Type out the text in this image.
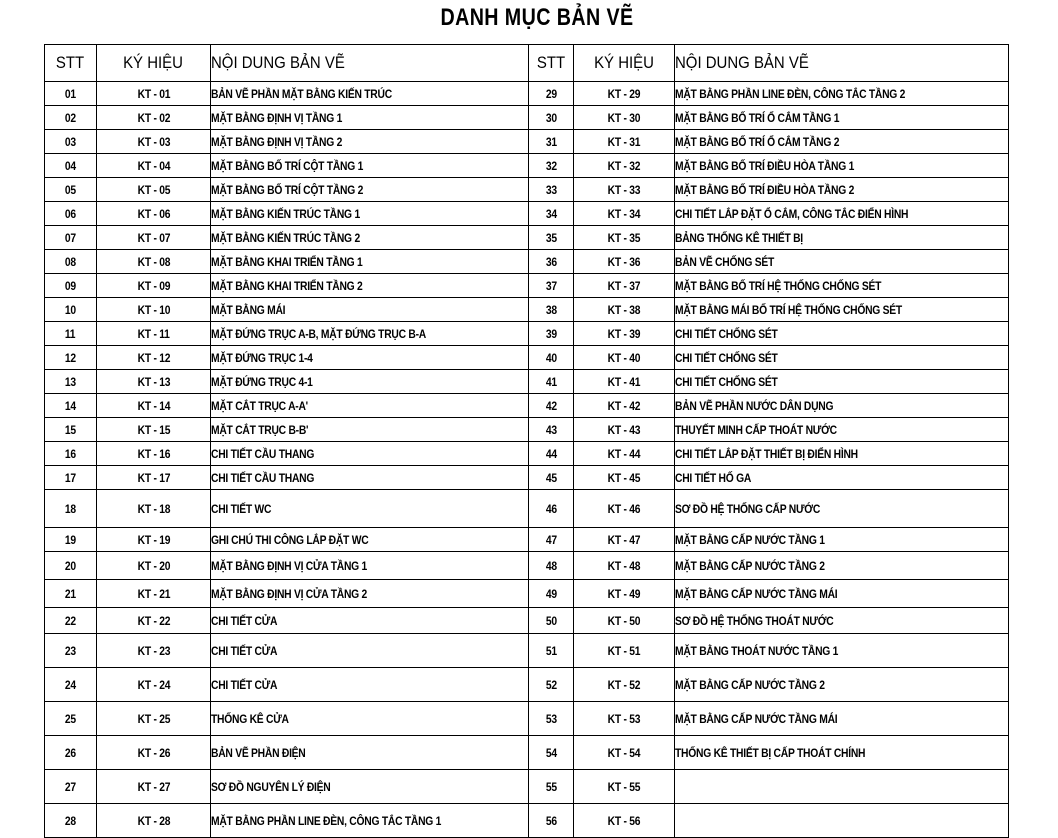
DANH MỤC BẢN VẼ
STT	KÝ HIỆU	NỘI DUNG BẢN VẼ	STT	KÝ HIỆU	NỘI DUNG BẢN VẼ
01	KT - 01	BẢN VẼ PHẦN MẶT BẰNG KIẾN TRÚC	29	KT - 29	MẶT BẰNG PHẦN LINE ĐÈN, CÔNG TẮC TẦNG 2
02	KT - 02	MẶT BẰNG ĐỊNH VỊ TẦNG 1	30	KT - 30	MẶT BẰNG BỐ TRÍ Ổ CẮM TẦNG 1
03	KT - 03	MẶT BẰNG ĐỊNH VỊ TẦNG 2	31	KT - 31	MẶT BẰNG BỐ TRÍ Ổ CẮM TẦNG 2
04	KT - 04	MẶT BẰNG BỐ TRÍ CỘT TẦNG 1	32	KT - 32	MẶT BẰNG BỐ TRÍ ĐIỀU HÒA TẦNG 1
05	KT - 05	MẶT BẰNG BỐ TRÍ CỘT TẦNG 2	33	KT - 33	MẶT BẰNG BỐ TRÍ ĐIỀU HÒA TẦNG 2
06	KT - 06	MẶT BẰNG KIẾN TRÚC TẦNG 1	34	KT - 34	CHI TIẾT LẮP ĐẶT Ổ CẮM, CÔNG TẮC ĐIỂN HÌNH
07	KT - 07	MẶT BẰNG KIẾN TRÚC TẦNG 2	35	KT - 35	BẢNG THỐNG KÊ THIẾT BỊ
08	KT - 08	MẶT BẰNG KHAI TRIỂN TẦNG 1	36	KT - 36	BẢN VẼ CHỐNG SÉT
09	KT - 09	MẶT BẰNG KHAI TRIỂN TẦNG 2	37	KT - 37	MẶT BẰNG BỐ TRÍ HỆ THỐNG CHỐNG SÉT
10	KT - 10	MẶT BẰNG MÁI	38	KT - 38	MẶT BẰNG MÁI BỐ TRÍ HỆ THỐNG CHỐNG SÉT
11	KT - 11	MẶT ĐỨNG TRỤC A-B, MẶT ĐỨNG TRỤC B-A	39	KT - 39	CHI TIẾT CHỐNG SÉT
12	KT - 12	MẶT ĐỨNG TRỤC 1-4	40	KT - 40	CHI TIẾT CHỐNG SÉT
13	KT - 13	MẶT ĐỨNG TRỤC 4-1	41	KT - 41	CHI TIẾT CHỐNG SÉT
14	KT - 14	MẶT CẮT TRỤC A-A'	42	KT - 42	BẢN VẼ PHẦN NƯỚC DÂN DỤNG
15	KT - 15	MẶT CẮT TRỤC B-B'	43	KT - 43	THUYẾT MINH CẤP THOÁT NƯỚC
16	KT - 16	CHI TIẾT CẦU THANG	44	KT - 44	CHI TIẾT LẮP ĐẶT THIẾT BỊ ĐIỂN HÌNH
17	KT - 17	CHI TIẾT CẦU THANG	45	KT - 45	CHI TIẾT HỐ GA
18	KT - 18	CHI TIẾT WC	46	KT - 46	SƠ ĐỒ HỆ THỐNG CẤP NƯỚC
19	KT - 19	GHI CHÚ THI CÔNG LẮP ĐẶT WC	47	KT - 47	MẶT BẰNG CẤP NƯỚC TẦNG 1
20	KT - 20	MẶT BẰNG ĐỊNH VỊ CỬA TẦNG 1	48	KT - 48	MẶT BẰNG CẤP NƯỚC TẦNG 2
21	KT - 21	MẶT BẰNG ĐỊNH VỊ CỬA TẦNG 2	49	KT - 49	MẶT BẰNG CẤP NƯỚC TẦNG MÁI
22	KT - 22	CHI TIẾT CỬA	50	KT - 50	SƠ ĐỒ HỆ THỐNG THOÁT NƯỚC
23	KT - 23	CHI TIẾT CỬA	51	KT - 51	MẶT BẰNG THOÁT NƯỚC TẦNG 1
24	KT - 24	CHI TIẾT CỬA	52	KT - 52	MẶT BẰNG CẤP NƯỚC TẦNG 2
25	KT - 25	THỐNG KÊ CỬA	53	KT - 53	MẶT BẰNG CẤP NƯỚC TẦNG MÁI
26	KT - 26	BẢN VẼ PHẦN ĐIỆN	54	KT - 54	THỐNG KÊ THIẾT BỊ CẤP THOÁT CHÍNH
27	KT - 27	SƠ ĐỒ NGUYÊN LÝ ĐIỆN	55	KT - 55	
28	KT - 28	MẶT BẰNG PHẦN LINE ĐÈN, CÔNG TẮC TẦNG 1	56	KT - 56	
